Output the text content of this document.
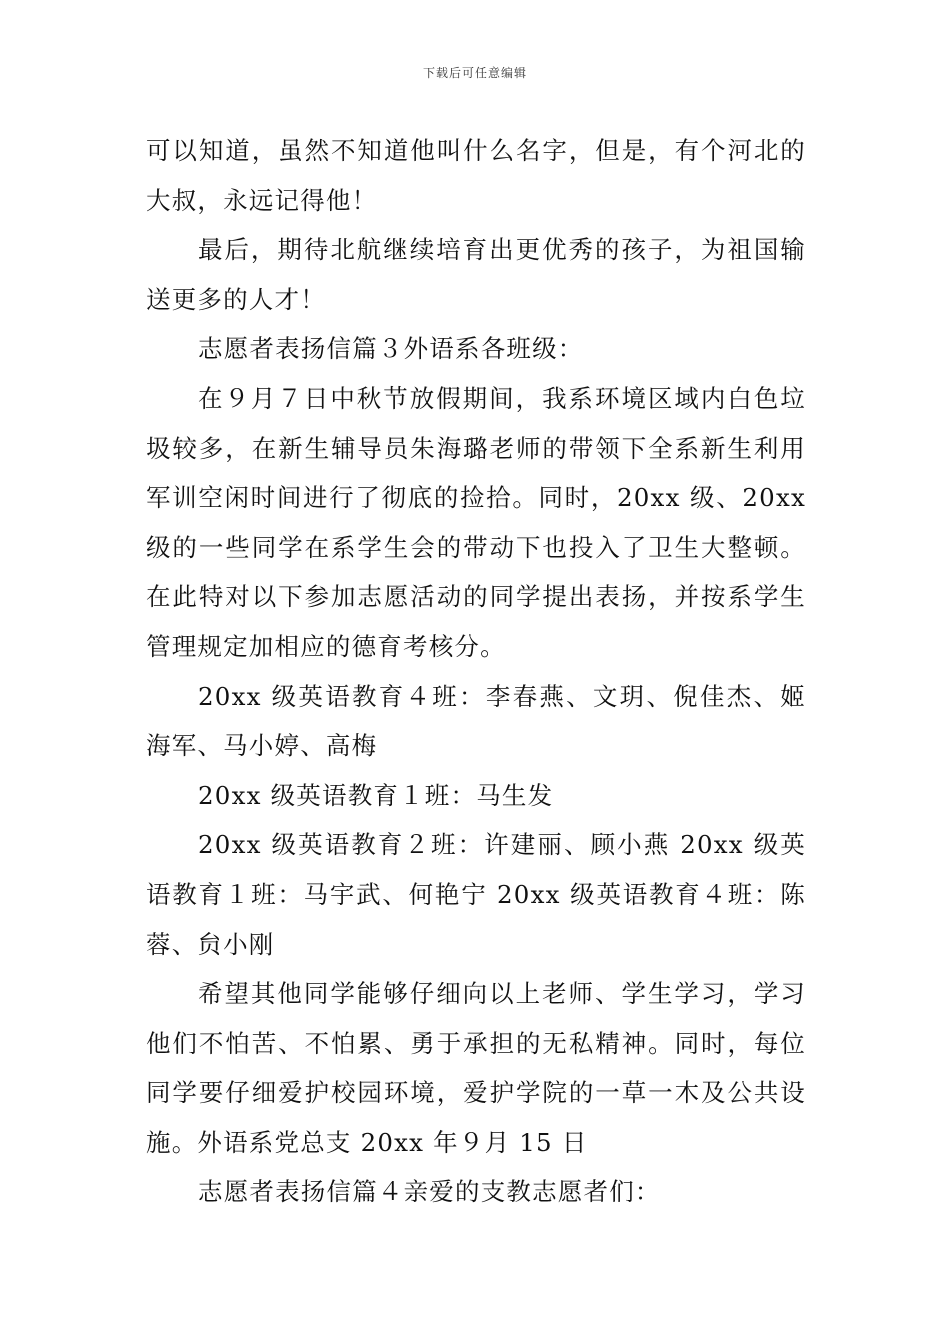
下载后可任意编辑

可以知道，虽然不知道他叫什么名字，但是，有个河北的大叔，永远记得他！

最后，期待北航继续培育出更优秀的孩子，为祖国输送更多的人才！

志愿者表扬信篇３外语系各班级：

在９月７日中秋节放假期间，我系环境区域内白色垃圾较多，在新生辅导员朱海璐老师的带领下全系新生利用军训空闲时间进行了彻底的捡拾。同时，20xx 级、20xx 级的一些同学在系学生会的带动下也投入了卫生大整顿。在此特对以下参加志愿活动的同学提出表扬，并按系学生管理规定加相应的德育考核分。

20xx 级英语教育４班：李春燕、文玥、倪佳杰、姬海军、马小婷、高梅

20xx 级英语教育１班：马生发

20xx 级英语教育２班：许建丽、顾小燕 20xx 级英语教育１班：马宇武、何艳宁 20xx 级英语教育４班：陈蓉、贠小刚

希望其他同学能够仔细向以上老师、学生学习，学习他们不怕苦、不怕累、勇于承担的无私精神。同时，每位同学要仔细爱护校园环境，爱护学院的一草一木及公共设施。外语系党总支 20xx 年９月 15 日

志愿者表扬信篇４亲爱的支教志愿者们：
